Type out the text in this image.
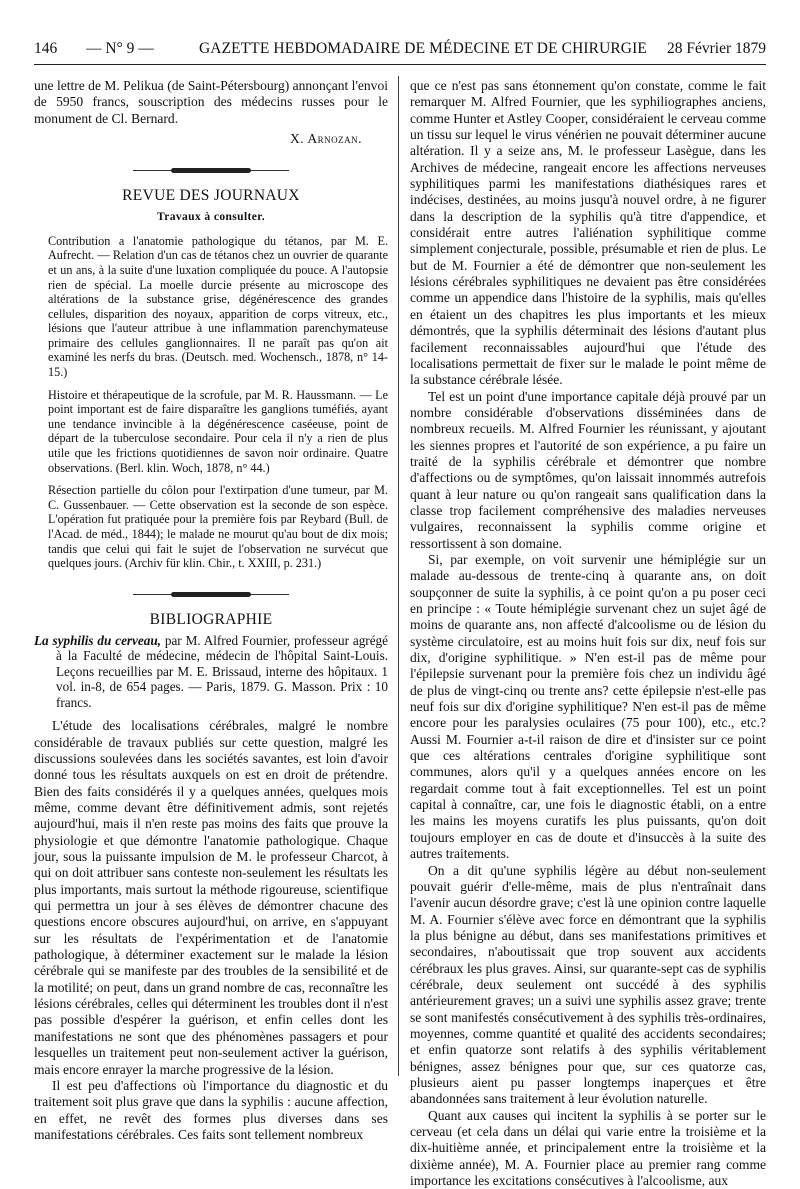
146 — N° 9 —	GAZETTE HEBDOMADAIRE DE MÉDECINE ET DE CHIRURGIE 28 Février 1879

une lettre de M. Pelikua (de Saint-Pétersbourg) annonçant l'envoi de 5950 francs, souscription des médecins russes pour le monument de Cl. Bernard.

X. Arnozan.
REVUE DES JOURNAUX
Travaux à consulter.

Contribution a l'anatomie pathologique du tétanos, par M. E. Aufrecht. — Relation d'un cas de tétanos chez un ouvrier de quarante et un ans, à la suite d'une luxation compliquée du pouce. A l'autopsie rien de spécial. La moelle durcie présente au microscope des altérations de la substance grise, dégénérescence des grandes cellules, disparition des noyaux, apparition de corps vitreux, etc., lésions que l'auteur attribue à une inflammation parenchymateuse primaire des cellules ganglionnaires. Il ne paraît pas qu'on ait examiné les nerfs du bras. (Deutsch. med. Wochensch., 1878, n° 14-15.)

Histoire et thérapeutique de la scrofule, par M. R. Haussmann. — Le point important est de faire disparaître les ganglions tuméfiés, ayant une tendance invincible à la dégénérescence caséeuse, point de départ de la tuberculose secondaire. Pour cela il n'y a rien de plus utile que les frictions quotidiennes de savon noir ordinaire. Quatre observations. (Berl. klin. Woch, 1878, n° 44.)

Résection partielle du côlon pour l'extirpation d'une tumeur, par M. C. Gussenbauer. — Cette observation est la seconde de son espèce. L'opération fut pratiquée pour la première fois par Reybard (Bull. de l'Acad. de méd., 1844); le malade ne mourut qu'au bout de dix mois; tandis que celui qui fait le sujet de l'observation ne survécut que quelques jours. (Archiv für klin. Chir., t. XXIII, p. 231.)

BIBLIOGRAPHIE

La syphilis du cerveau, par M. Alfred Fournier, professeur agrégé à la Faculté de médecine, médecin de l'hôpital Saint-Louis. Leçons recueillies par M. E. Brissaud, interne des hôpitaux. 1 vol. in-8, de 654 pages. — Paris, 1879. G. Masson. Prix : 10 francs.

L'étude des localisations cérébrales, malgré le nombre considérable de travaux publiés sur cette question, malgré les discussions soulevées dans les sociétés savantes, est loin d'avoir donné tous les résultats auxquels on est en droit de prétendre. Bien des faits considérés il y a quelques années, quelques mois même, comme devant être définitivement admis, sont rejetés aujourd'hui, mais il n'en reste pas moins des faits que prouve la physiologie et que démontre l'anatomie pathologique. Chaque jour, sous la puissante impulsion de M. le professeur Charcot, à qui on doit attribuer sans conteste non-seulement les résultats les plus importants, mais surtout la méthode rigoureuse, scientifique qui permettra un jour à ses élèves de démontrer chacune des questions encore obscures aujourd'hui, on arrive, en s'appuyant sur les résultats de l'expérimentation et de l'anatomie pathologique, à déterminer exactement sur le malade la lésion cérébrale qui se manifeste par des troubles de la sensibilité et de la motilité; on peut, dans un grand nombre de cas, reconnaître les lésions cérébrales, celles qui déterminent les troubles dont il n'est pas possible d'espérer la guérison, et enfin celles dont les manifestations ne sont que des phénomènes passagers et pour lesquelles un traitement peut non-seulement activer la guérison, mais encore enrayer la marche progressive de la lésion.

Il est peu d'affections où l'importance du diagnostic et du traitement soit plus grave que dans la syphilis : aucune affection, en effet, ne revêt des formes plus diverses dans ses manifestations cérébrales. Ces faits sont tellement nombreux

que ce n'est pas sans étonnement qu'on constate, comme le fait remarquer M. Alfred Fournier, que les syphiliographes anciens, comme Hunter et Astley Cooper, considéraient le cerveau comme un tissu sur lequel le virus vénérien ne pouvait déterminer aucune altération. Il y a seize ans, M. le professeur Lasègue, dans les Archives de médecine, rangeait encore les affections nerveuses syphilitiques parmi les manifestations diathésiques rares et indécises, destinées, au moins jusqu'à nouvel ordre, à ne figurer dans la description de la syphilis qu'à titre d'appendice, et considérait entre autres l'aliénation syphilitique comme simplement conjecturale, possible, présumable et rien de plus. Le but de M. Fournier a été de démontrer que non-seulement les lésions cérébrales syphilitiques ne devaient pas être considérées comme un appendice dans l'histoire de la syphilis, mais qu'elles en étaient un des chapitres les plus importants et les mieux démontrés, que la syphilis déterminait des lésions d'autant plus facilement reconnaissables aujourd'hui que l'étude des localisations permettait de fixer sur le malade le point même de la substance cérébrale lésée.

Tel est un point d'une importance capitale déjà prouvé par un nombre considérable d'observations disséminées dans de nombreux recueils. M. Alfred Fournier les réunissant, y ajoutant les siennes propres et l'autorité de son expérience, a pu faire un traité de la syphilis cérébrale et démontrer que nombre d'affections ou de symptômes, qu'on laissait innommés autrefois quant à leur nature ou qu'on rangeait sans qualification dans la classe trop facilement compréhensive des maladies nerveuses vulgaires, reconnaissent la syphilis comme origine et ressortissent à son domaine.

Si, par exemple, on voit survenir une hémiplégie sur un malade au-dessous de trente-cinq à quarante ans, on doit soupçonner de suite la syphilis, à ce point qu'on a pu poser ceci en principe : « Toute hémiplégie survenant chez un sujet âgé de moins de quarante ans, non affecté d'alcoolisme ou de lésion du système circulatoire, est au moins huit fois sur dix, neuf fois sur dix, d'origine syphilitique. » N'en est-il pas de même pour l'épilepsie survenant pour la première fois chez un individu âgé de plus de vingt-cinq ou trente ans? cette épilepsie n'est-elle pas neuf fois sur dix d'origine syphilitique? N'en est-il pas de même encore pour les paralysies oculaires (75 pour 100), etc., etc.? Aussi M. Fournier a-t-il raison de dire et d'insister sur ce point que ces altérations centrales d'origine syphilitique sont communes, alors qu'il y a quelques années encore on les regardait comme tout à fait exceptionnelles. Tel est un point capital à connaître, car, une fois le diagnostic établi, on a entre les mains les moyens curatifs les plus puissants, qu'on doit toujours employer en cas de doute et d'insuccès à la suite des autres traitements.

On a dit qu'une syphilis légère au début non-seulement pouvait guérir d'elle-même, mais de plus n'entraînait dans l'avenir aucun désordre grave; c'est là une opinion contre laquelle M. A. Fournier s'élève avec force en démontrant que la syphilis la plus bénigne au début, dans ses manifestations primitives et secondaires, n'aboutissait que trop souvent aux accidents cérébraux les plus graves. Ainsi, sur quarante-sept cas de syphilis cérébrale, deux seulement ont succédé à des syphilis antérieurement graves; un a suivi une syphilis assez grave; trente se sont manifestés consécutivement à des syphilis très-ordinaires, moyennes, comme quantité et qualité des accidents secondaires; et enfin quatorze sont relatifs à des syphilis véritablement bénignes, assez bénignes pour que, sur ces quatorze cas, plusieurs aient pu passer longtemps inaperçues et être abandonnées sans traitement à leur évolution naturelle.

Quant aux causes qui incitent la syphilis à se porter sur le cerveau (et cela dans un délai qui varie entre la troisième et la dix-huitième année, et principalement entre la troisième et la dixième année), M. A. Fournier place au premier rang comme importance les excitations consécutives à l'alcoolisme, aux
